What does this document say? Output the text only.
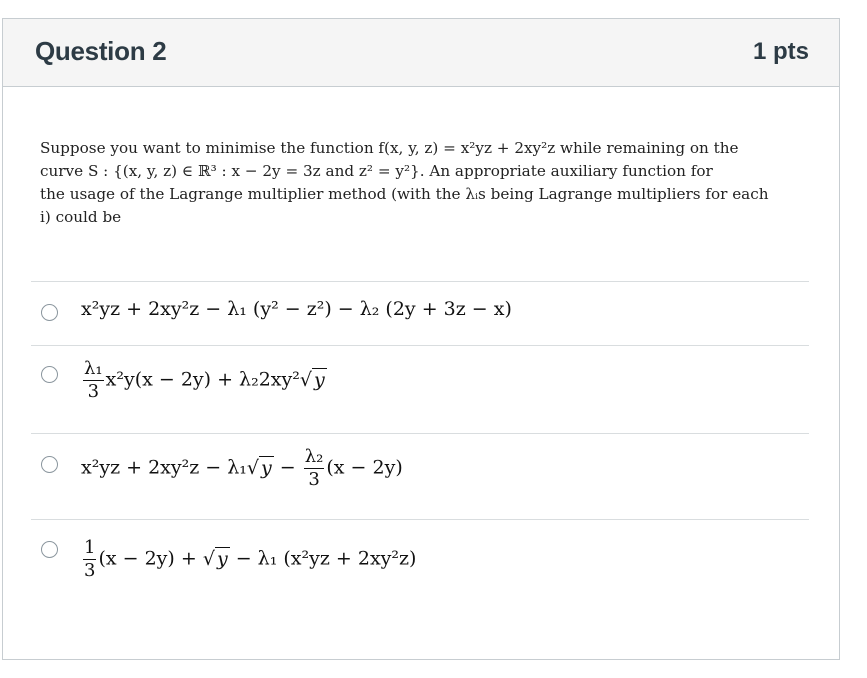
Question 2	1 pts
Suppose you want to minimise the function f(x, y, z) = x²yz + 2xy²z while remaining on the
curve S : {(x, y, z) ∈ ℝ³ : x − 2y = 3z and z² = y²}. An appropriate auxiliary function for
the usage of the Lagrange multiplier method (with the λᵢs being Lagrange multipliers for each
i) could be
x²yz + 2xy²z − λ₁ (y² − z²) − λ₂ (2y + 3z − x)
$\frac{\text{λ₁}}{3} x^2y(x - 2y) + \lambda_22xy^2√$ y
x²yz + 2xy²z − λ₁√ $y - \frac{\text{λ₂}}{3} (x - 2y)$
$\frac{1}{3} (x - 2y)$ + √ y − λ₁ (x²yz + 2xy²z)
